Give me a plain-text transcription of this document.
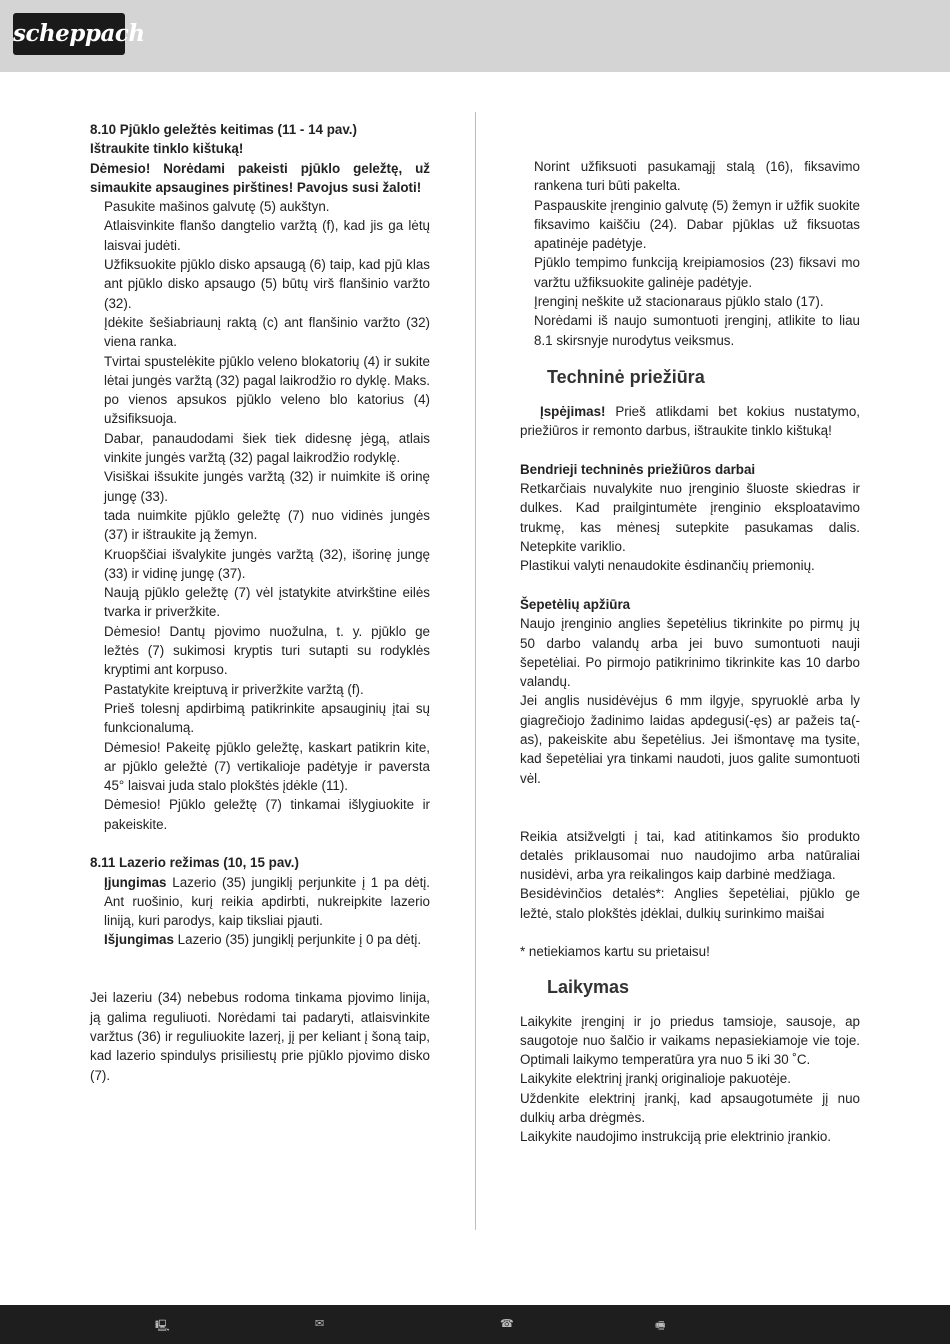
scheppach

8.10 Pjūklo geležtės keitimas (11 - 14 pav.)

Ištraukite tinklo kištuką!

Dėmesio! Norėdami pakeisti pjūklo geležtę, už simaukite apsaugines pirštines! Pavojus susi žaloti!

Pasukite mašinos galvutę (5) aukštyn.

Atlaisvinkite flanšo dangtelio varžtą (f), kad jis ga lėtų laisvai judėti.

Užfiksuokite pjūklo disko apsaugą (6) taip, kad pjū klas ant pjūklo disko apsaugo (5) būtų virš flanšinio varžto (32).

Įdėkite šešiabriaunį raktą (c) ant flanšinio varžto (32) viena ranka.

Tvirtai spustelėkite pjūklo veleno blokatorių (4) ir sukite lėtai jungės varžtą (32) pagal laikrodžio ro dyklę. Maks. po vienos apsukos pjūklo veleno blo katorius (4) užsifiksuoja.

Dabar, panaudodami šiek tiek didesnę jėgą, atlais vinkite jungės varžtą (32) pagal laikrodžio rodyklę.

Visiškai išsukite jungės varžtą (32) ir nuimkite iš orinę jungę (33).

tada nuimkite pjūklo geležtę (7) nuo vidinės jungės (37) ir ištraukite ją žemyn.

Kruopščiai išvalykite jungės varžtą (32), išorinę jungę (33) ir vidinę jungę (37).

Naują pjūklo geležtę (7) vėl įstatykite atvirkštine eilės tvarka ir priveržkite.

Dėmesio! Dantų pjovimo nuožulna, t. y. pjūklo ge ležtės (7) sukimosi kryptis turi sutapti su rodyklės kryptimi ant korpuso.

Pastatykite kreiptuvą ir priveržkite varžtą (f).

Prieš tolesnį apdirbimą patikrinkite apsauginių įtai sų funkcionalumą.

Dėmesio! Pakeitę pjūklo geležtę, kaskart patikrin kite, ar pjūklo geležtė (7) vertikalioje padėtyje ir paversta 45° laisvai juda stalo plokštės įdėkle (11).

Dėmesio! Pjūklo geležtę (7) tinkamai išlygiuokite ir pakeiskite.

8.11 Lazerio režimas (10, 15 pav.)

Įjungimas Lazerio (35) jungiklį perjunkite į 1 pa dėtį. Ant ruošinio, kurį reikia apdirbti, nukreipkite lazerio liniją, kuri parodys, kaip tiksliai pjauti.

Išjungimas Lazerio (35) jungiklį perjunkite į 0 pa dėtį.

Jei lazeriu (34) nebebus rodoma tinkama pjovimo linija, ją galima reguliuoti. Norėdami tai padaryti, atlaisvinkite varžtus (36) ir reguliuokite lazerį, jį per keliant į šoną taip, kad lazerio spindulys prisiliestų prie pjūklo pjovimo disko (7).

Norint užfiksuoti pasukamąjį stalą (16), fiksavimo rankena turi būti pakelta.

Paspauskite įrenginio galvutę (5) žemyn ir užfik suokite fiksavimo kaiščiu (24). Dabar pjūklas už fiksuotas apatinėje padėtyje.

Pjūklo tempimo funkciją kreipiamosios (23) fiksavi mo varžtu užfiksuokite galinėje padėtyje.

Įrenginį neškite už stacionaraus pjūklo stalo (17).

Norėdami iš naujo sumontuoti įrenginį, atlikite to liau 8.1 skirsnyje nurodytus veiksmus.

Techninė priežiūra

Įspėjimas! Prieš atlikdami bet kokius nustatymo, priežiūros ir remonto darbus, ištraukite tinklo kištuką!

Bendrieji techninės priežiūros darbai

Retkarčiais nuvalykite nuo įrenginio šluoste skiedras ir dulkes. Kad prailgintumėte įrenginio eksploatavimo trukmę, kas mėnesį sutepkite pasukamas dalis. Netepkite variklio.

Plastikui valyti nenaudokite ėsdinančių priemonių.

Šepetėlių apžiūra

Naujo įrenginio anglies šepetėlius tikrinkite po pirmų jų 50 darbo valandų arba jei buvo sumontuoti nauji šepetėliai. Po pirmojo patikrinimo tikrinkite kas 10 darbo valandų.

Jei anglis nusidėvėjus 6 mm ilgyje, spyruoklė arba ly giagrečiojo žadinimo laidas apdegusi(-ęs) ar pažeis ta(-as), pakeiskite abu šepetėlius. Jei išmontavę ma tysite, kad šepetėliai yra tinkami naudoti, juos galite sumontuoti vėl.

Reikia atsižvelgti į tai, kad atitinkamos šio produkto detalės priklausomai nuo naudojimo arba natūraliai nusidėvi, arba yra reikalingos kaip darbinė medžiaga.

Besidėvinčios detalės*: Anglies šepetėliai, pjūklo ge ležtė, stalo plokštės įdėklai, dulkių surinkimo maišai

* netiekiamos kartu su prietaisu!

Laikymas

Laikykite įrenginį ir jo priedus tamsioje, sausoje, ap saugotoje nuo šalčio ir vaikams nepasiekiamoje vie toje. Optimali laikymo temperatūra yra nuo 5 iki 30 ˚C.

Laikykite elektrinį įrankį originalioje pakuotėje.

Uždenkite elektrinį įrankį, kad apsaugotumėte jį nuo dulkių arba drėgmės.

Laikykite naudojimo instrukciją prie elektrinio įrankio.

🖳	✉	☎	🖷
